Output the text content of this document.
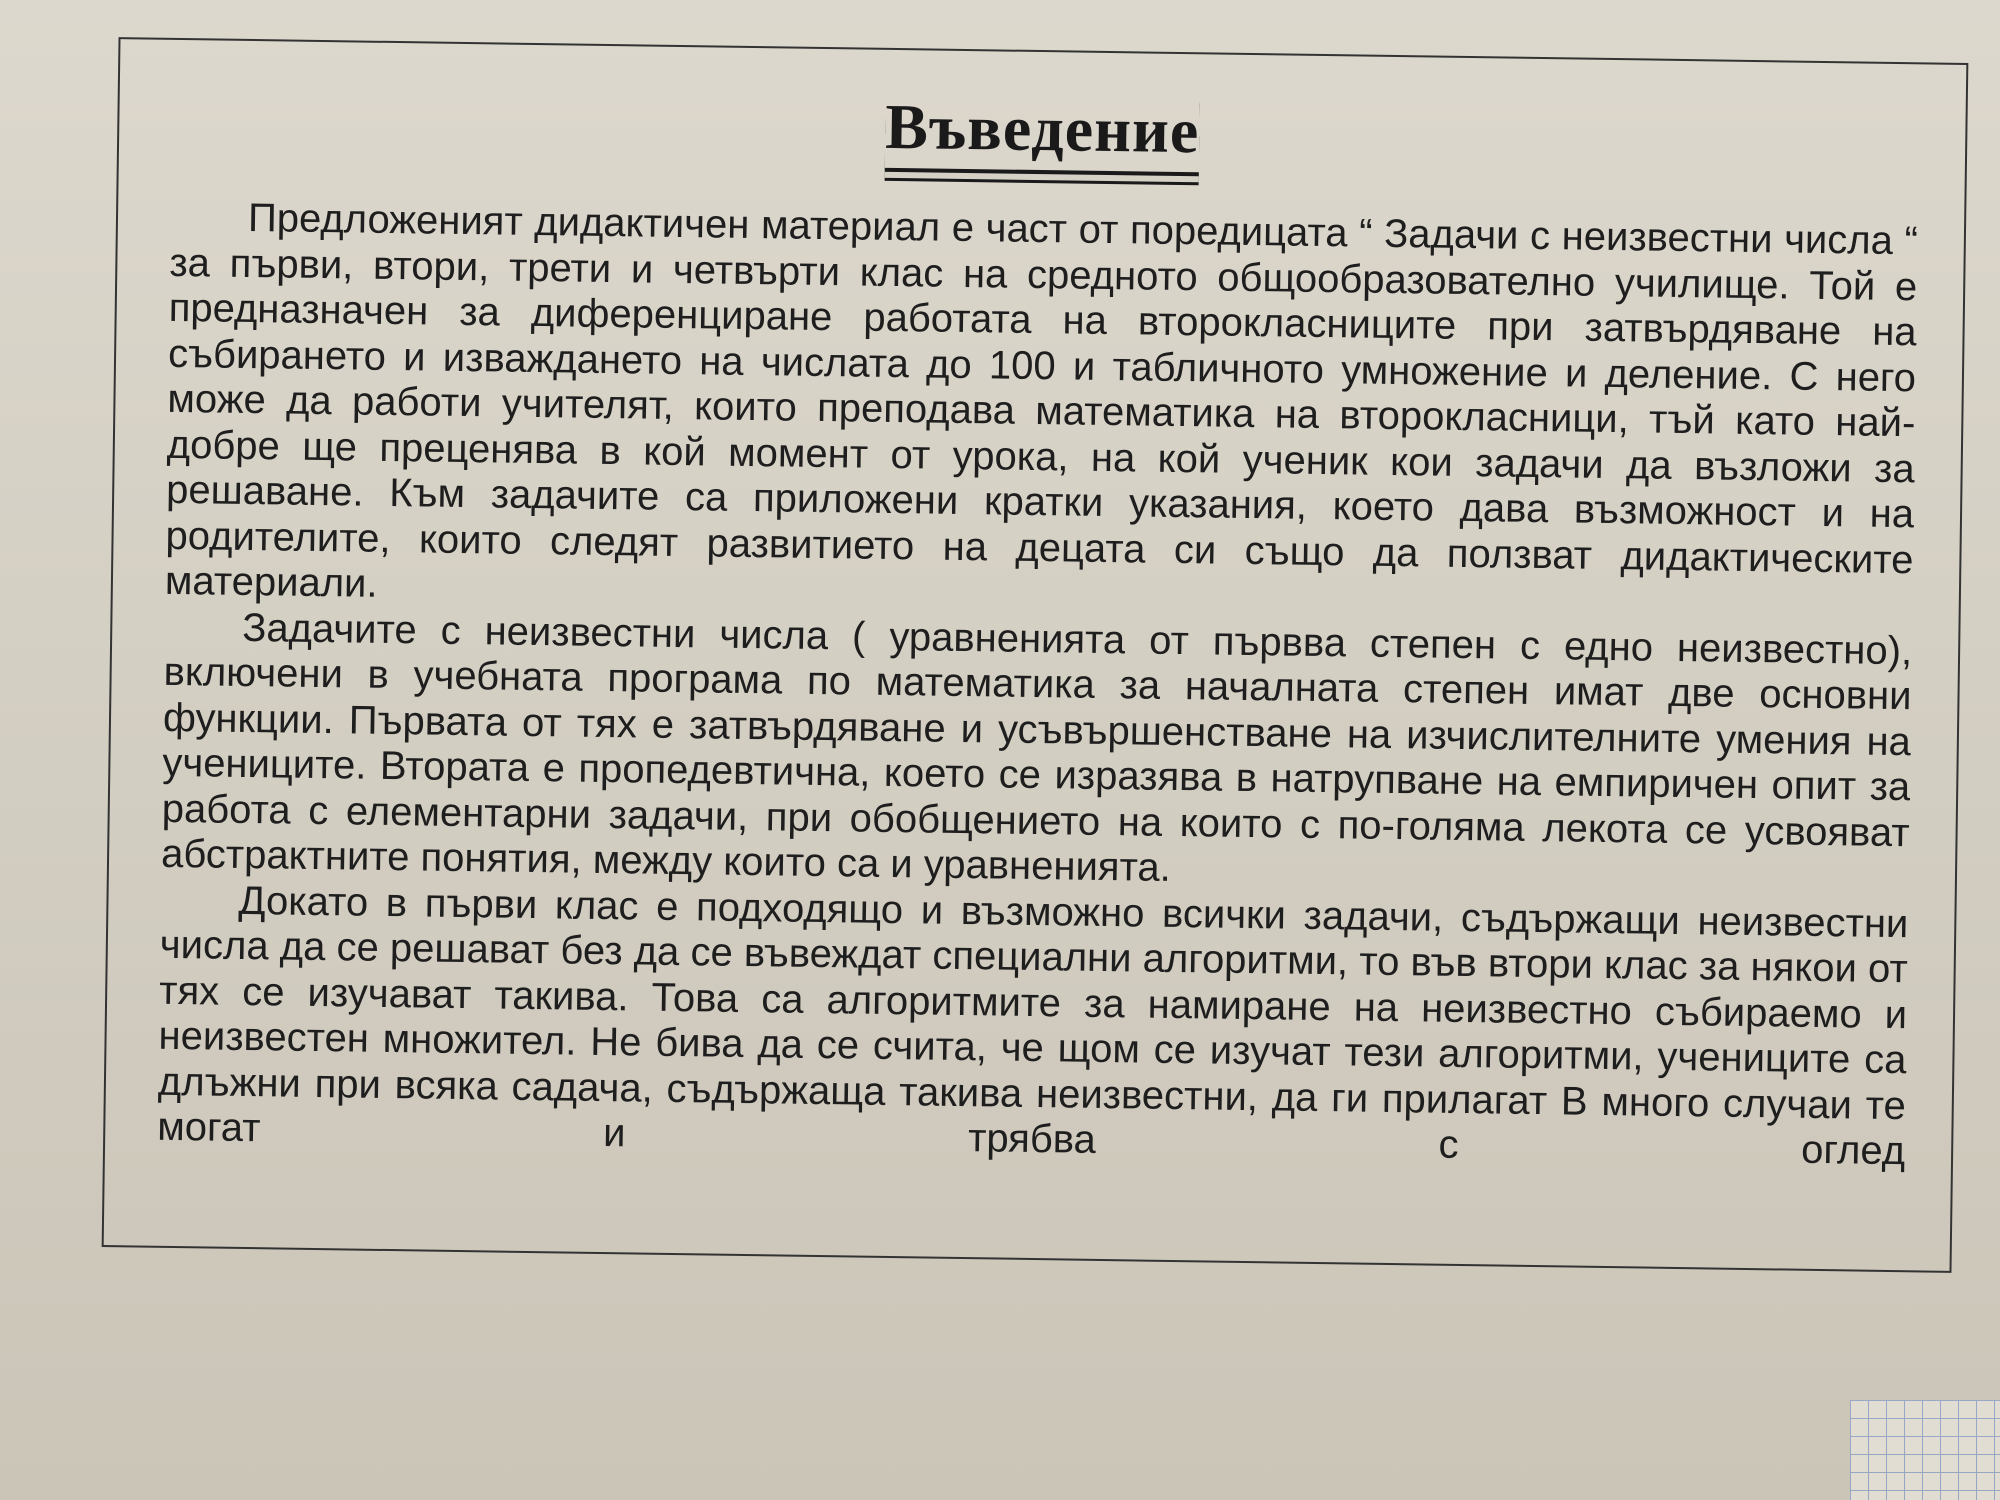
Въведение

Предложеният дидактичен материал е част от поредицата “ Задачи с неизвестни числа “ за първи, втори, трети и четвърти клас на средното общообразователно училище. Той е предназначен за диференциране работата на второкласниците при затвърдяване на събирането и изваждането на числата до 100 и табличното умножение и деление. С него може да работи учителят, които преподава математика на второкласници, тъй като най-добре ще преценява в кой момент от урока, на кой ученик кои задачи да възложи за решаване. Към задачите са приложени кратки указания, което дава възможност и на родителите, които следят развитието на децата си също да ползват дидактическите материали.

Задачите с неизвестни числа ( уравненията от първва степен с едно неизвестно), включени в учебната програма по математика за началната степен имат две основни функции. Първата от тях е затвърдяване и усъвършенстване на изчислителните умения на учениците. Втората е пропедевтична, което се изразява в натрупване на емпиричен опит за работа с елементарни задачи, при обобщението на които с по-голяма лекота се усвояват абстрактните понятия, между които са и уравненията.

Докато в първи клас е подходящо и възможно всички задачи, съдържащи неизвестни числа да се решават без да се въвеждат специални алгоритми, то във втори клас за някои от тях се изучават такива. Това са алгоритмите за намиране на неизвестно събираемо и неизвестен множител. Не бива да се счита, че щом се изучат тези алгоритми, учениците са длъжни при всяка садача, съдържаща такива неизвестни, да ги прилагат В много случаи те могат и трябва с оглед
